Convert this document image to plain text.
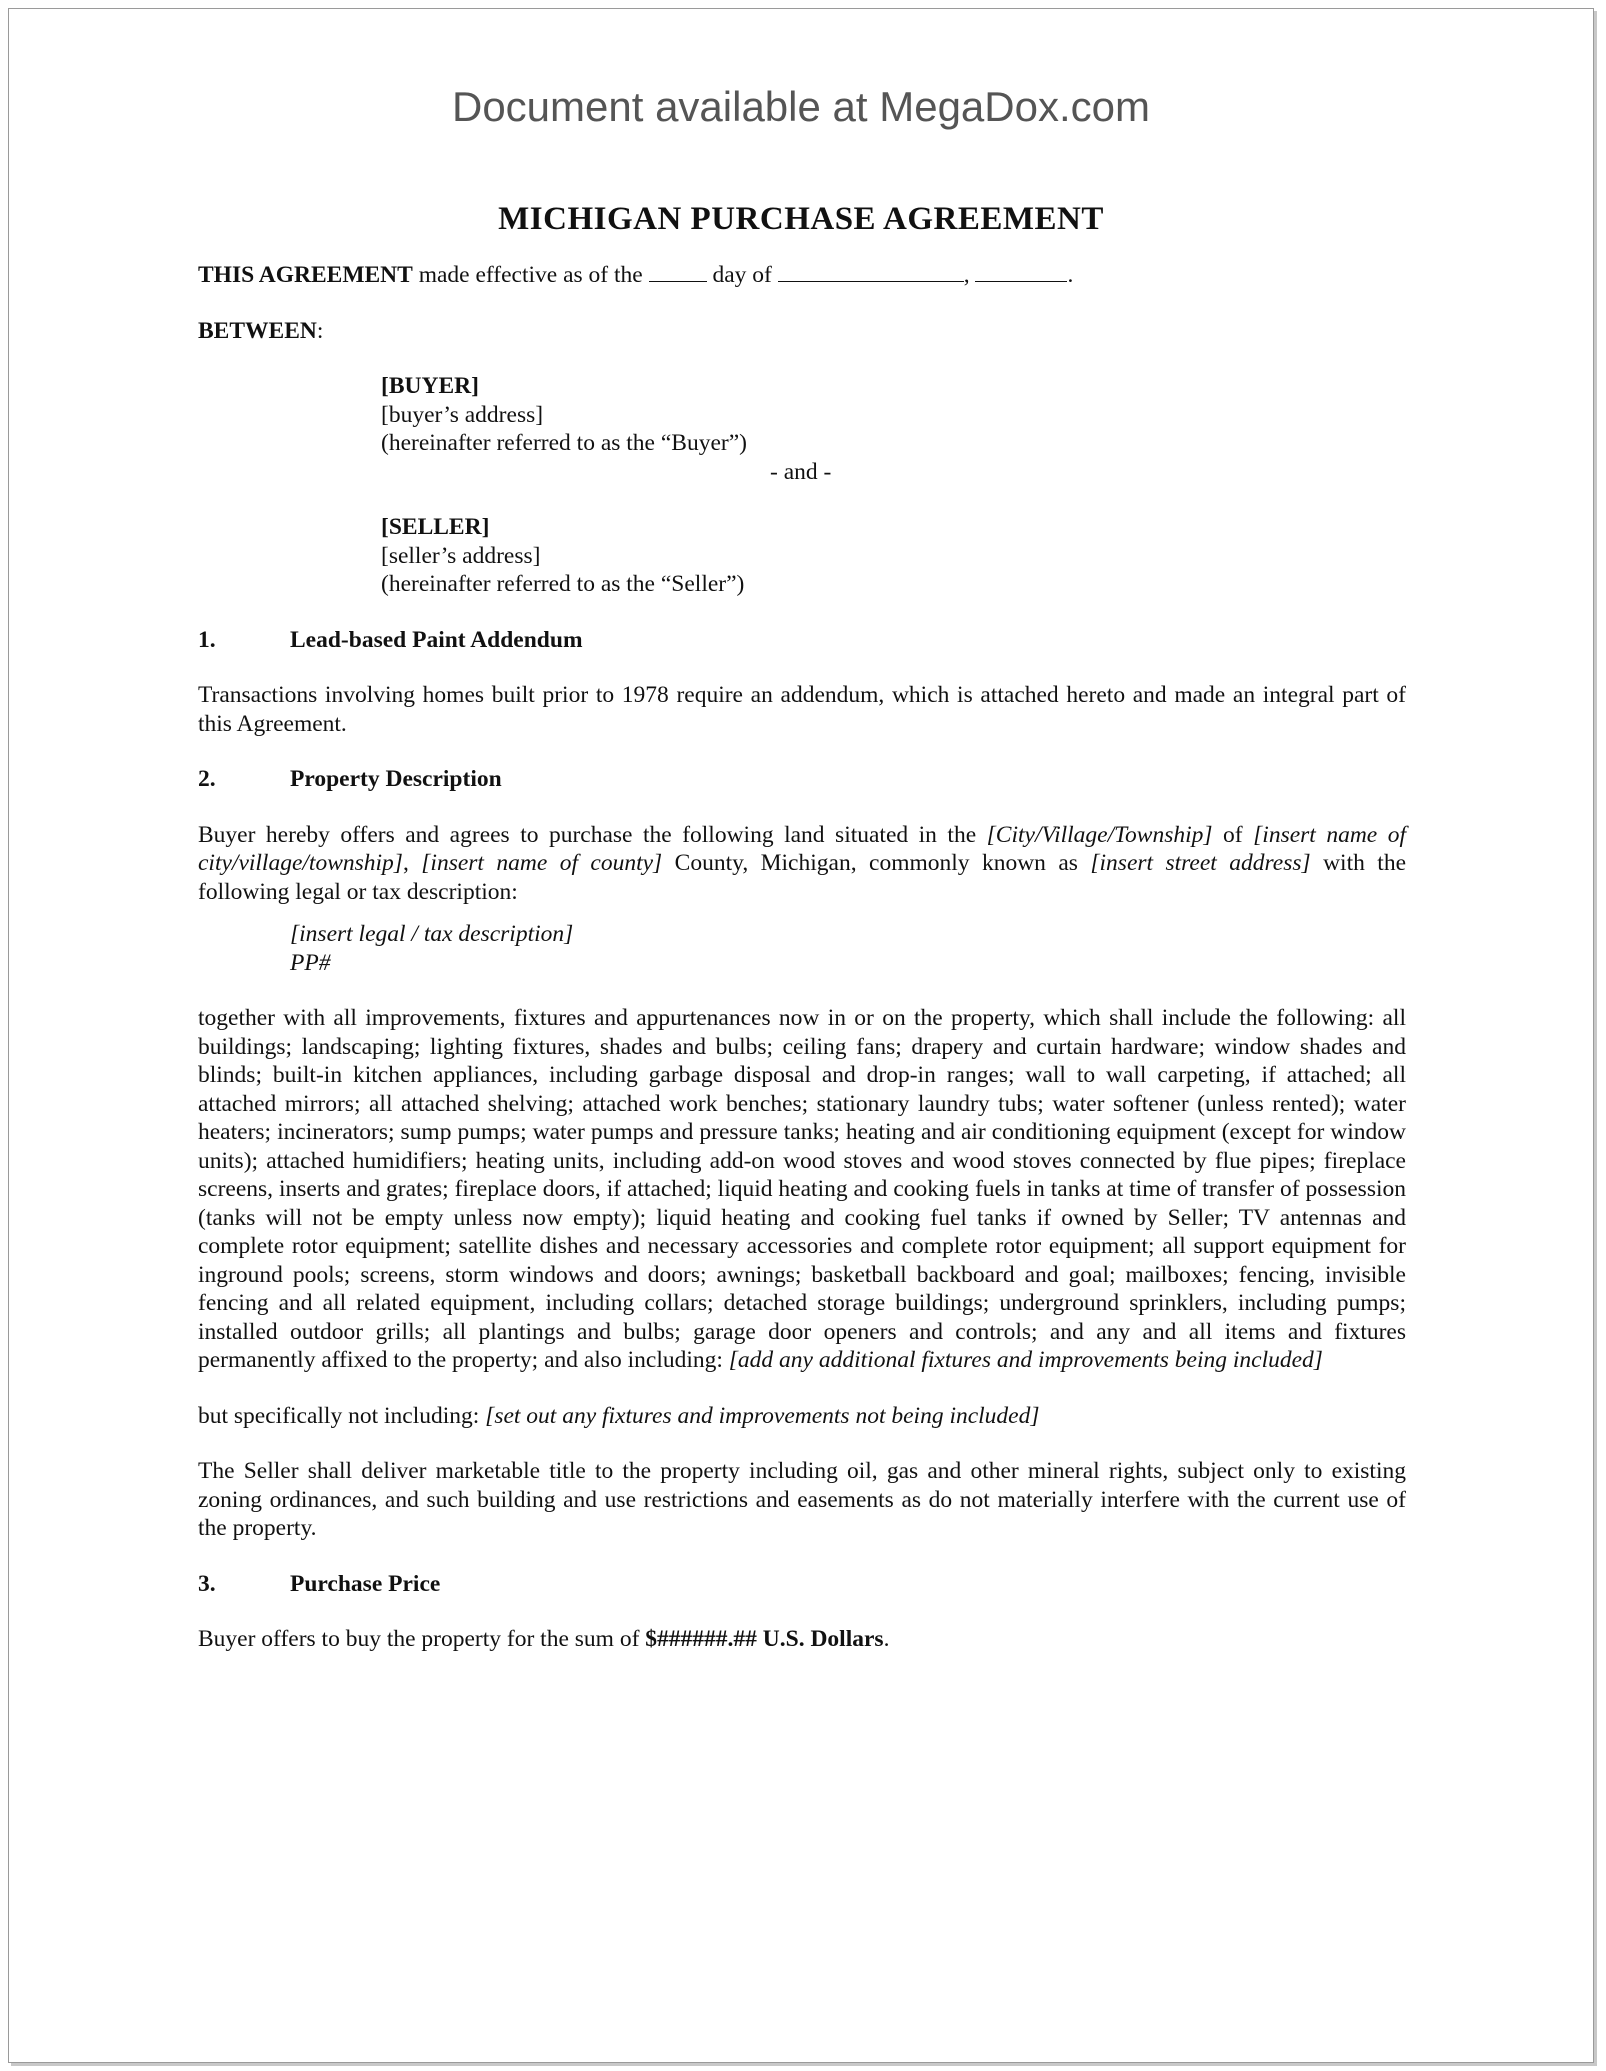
Document available at MegaDox.com
MICHIGAN PURCHASE AGREEMENT

THIS AGREEMENT made effective as of the  day of	,	.

BETWEEN:

[BUYER]

[buyer’s address]

(hereinafter referred to as the “Buyer”)

- and -

[SELLER]

[seller’s address]

(hereinafter referred to as the “Seller”)

1.	Lead-based Paint Addendum

Transactions involving homes built prior to 1978 require an addendum, which is attached hereto and made an integral part of this Agreement.

2.	Property Description

Buyer hereby offers and agrees to purchase the following land situated in the [City/Village/Township] of [insert name of city/village/township], [insert name of county] County, Michigan, commonly known as [insert street address] with the following legal or tax description:

[insert legal / tax description]

PP#

together with all improvements, fixtures and appurtenances now in or on the property, which shall include the following: all buildings; landscaping; lighting fixtures, shades and bulbs; ceiling fans; drapery and curtain hardware; window shades and blinds; built-in kitchen appliances, including garbage disposal and drop-in ranges; wall to wall carpeting, if attached; all attached mirrors; all attached shelving; attached work benches; stationary laundry tubs; water softener (unless rented); water heaters; incinerators; sump pumps; water pumps and pressure tanks; heating and air conditioning equipment (except for window units); attached humidifiers; heating units, including add-on wood stoves and wood stoves connected by flue pipes; fireplace screens, inserts and grates; fireplace doors, if attached; liquid heating and cooking fuels in tanks at time of transfer of possession (tanks will not be empty unless now empty); liquid heating and cooking fuel tanks if owned by Seller; TV antennas and complete rotor equipment; satellite dishes and necessary accessories and complete rotor equipment; all support equipment for inground pools; screens, storm windows and doors; awnings; basketball backboard and goal; mailboxes; fencing, invisible fencing and all related equipment, including collars; detached storage buildings; underground sprinklers, including pumps; installed outdoor grills; all plantings and bulbs; garage door openers and controls; and any and all items and fixtures permanently affixed to the property; and also including: [add any additional fixtures and improvements being included]

but specifically not including: [set out any fixtures and improvements not being included]

The Seller shall deliver marketable title to the property including oil, gas and other mineral rights, subject only to existing zoning ordinances, and such building and use restrictions and easements as do not materially interfere with the current use of the property.

3.	Purchase Price

Buyer offers to buy the property for the sum of $######.## U.S. Dollars.
